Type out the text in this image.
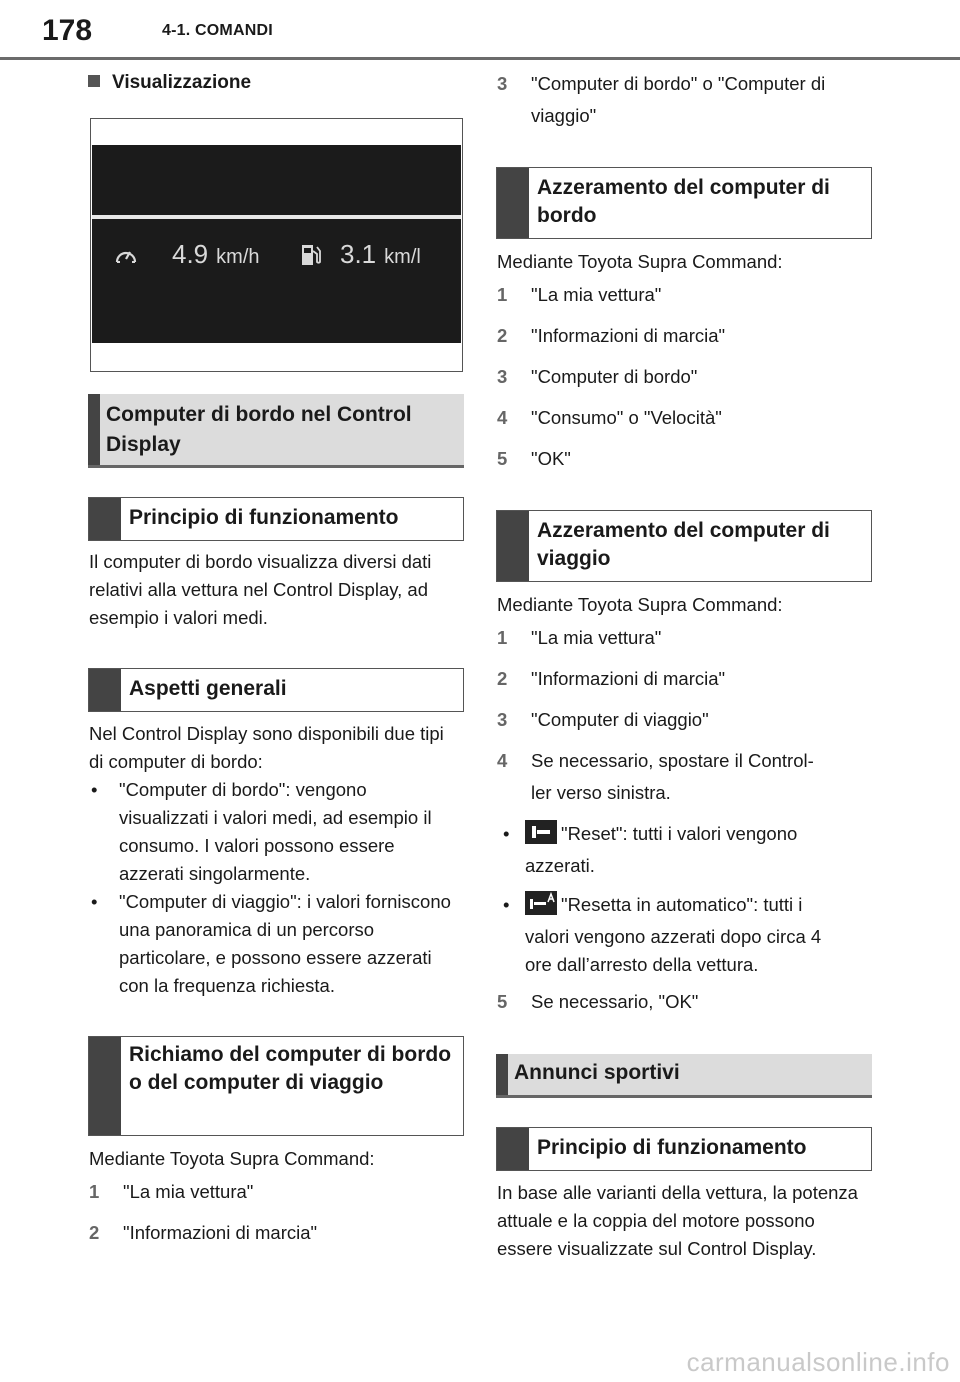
178	4-1. COMANDI
Visualizzazione
4.9 km/h	3.1 km/l
Computer di bordo nel Control Display
Principio di funzionamento
Il computer di bordo visualizza diversi dati relativi alla vettura nel Control Display, ad esempio i valori medi.
Aspetti generali
Nel Control Display sono disponibili due tipi di computer di bordo:
• "Computer di bordo": vengono visualizzati i valori medi, ad esempio il consumo. I valori possono essere azzerati singolarmente.
• "Computer di viaggio": i valori forniscono una panoramica di un percorso particolare, e possono essere azzerati con la frequenza richiesta.
Richiamo del computer di bordo o del computer di viaggio
Mediante Toyota Supra Command:
1 "La mia vettura"
2 "Informazioni di marcia"
3 "Computer di bordo" o "Computer di
viaggio"
Azzeramento del computer di bordo
Mediante Toyota Supra Command:
1 "La mia vettura"
2 "Informazioni di marcia"
3 "Computer di bordo"
4 "Consumo" o "Velocità"
5 "OK"
Azzeramento del computer di viaggio
Mediante Toyota Supra Command:
1 "La mia vettura"
2 "Informazioni di marcia"
3 "Computer di viaggio"
4 Se necessario, spostare il Control-
ler verso sinistra.
•	"Reset": tutti i valori vengono
azzerati.
•	"Resetta in automatico": tutti i
valori vengono azzerati dopo circa 4
ore dall’arresto della vettura.
5 Se necessario, "OK"
Annunci sportivi
Principio di funzionamento
In base alle varianti della vettura, la potenza attuale e la coppia del motore possono essere visualizzate sul Control Display.
carmanualsonline.info
